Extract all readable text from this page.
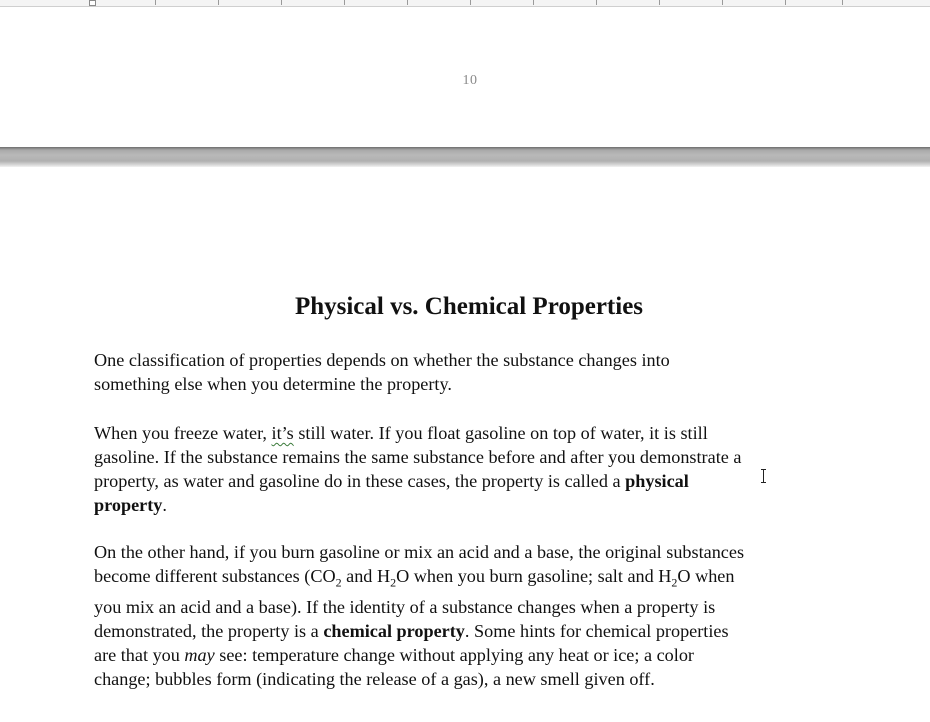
10
Physical vs. Chemical Properties

One classification of properties depends on whether the substance changes into
something else when you determine the property.

When you freeze water, it’s still water. If you float gasoline on top of water, it is still
gasoline. If the substance remains the same substance before and after you demonstrate a
property, as water and gasoline do in these cases, the property is called a physical
property.

On the other hand, if you burn gasoline or mix an acid and a base, the original substances
become different substances ($CO_2$ and $H_2O$ when you burn gasoline; salt and $H_2O$ when
you mix an acid and a base). If the identity of a substance changes when a property is
demonstrated, the property is a chemical property. Some hints for chemical properties
are that you may see: temperature change without applying any heat or ice; a color
change; bubbles form (indicating the release of a gas), a new smell given off.
